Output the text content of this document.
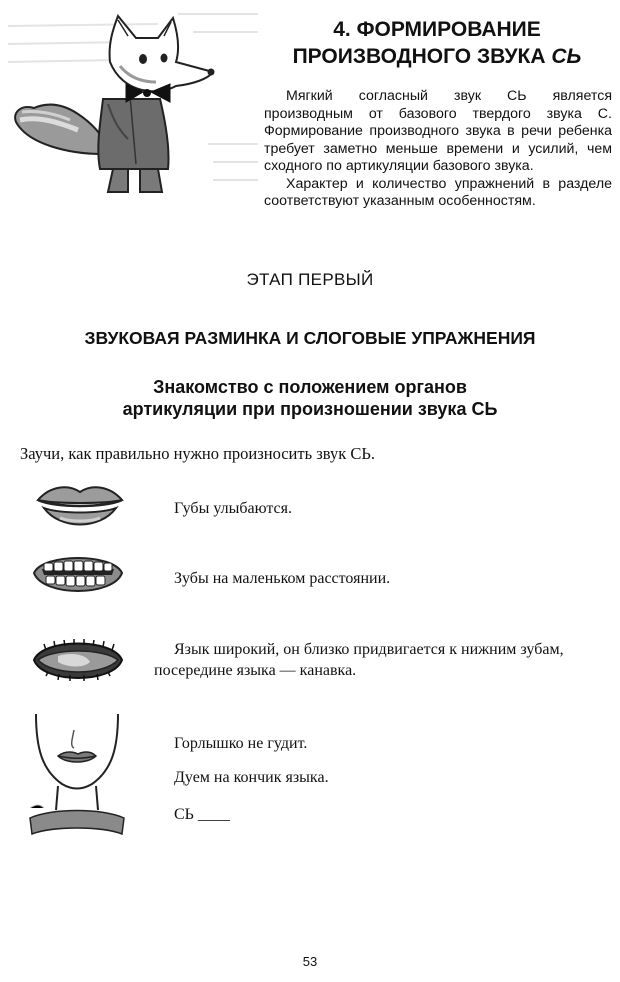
4. ФОРМИРОВАНИЕ
ПРОИЗВОДНОГО ЗВУКА СЬ

Мягкий согласный звук СЬ является производным от базового твердого звука С. Формирование производного звука в речи ребенка требует заметно меньше времени и усилий, чем сходного по артикуляции базового звука.

Характер и количество упражнений в разделе соответствуют указанным особенностям.

ЭТАП ПЕРВЫЙ
ЗВУКОВАЯ РАЗМИНКА И СЛОГОВЫЕ УПРАЖНЕНИЯ
Знакомство с положением органов
артикуляции при произношении звука СЬ
Заучи, как правильно нужно произносить звук СЬ.
Губы улыбаются.
Зубы на маленьком расстоянии.
Язык широкий, он близко придвигается к нижним зубам, посередине языка — канавка.
Горлышко не гудит.
Дуем на кончик языка.
СЬ ____
53
